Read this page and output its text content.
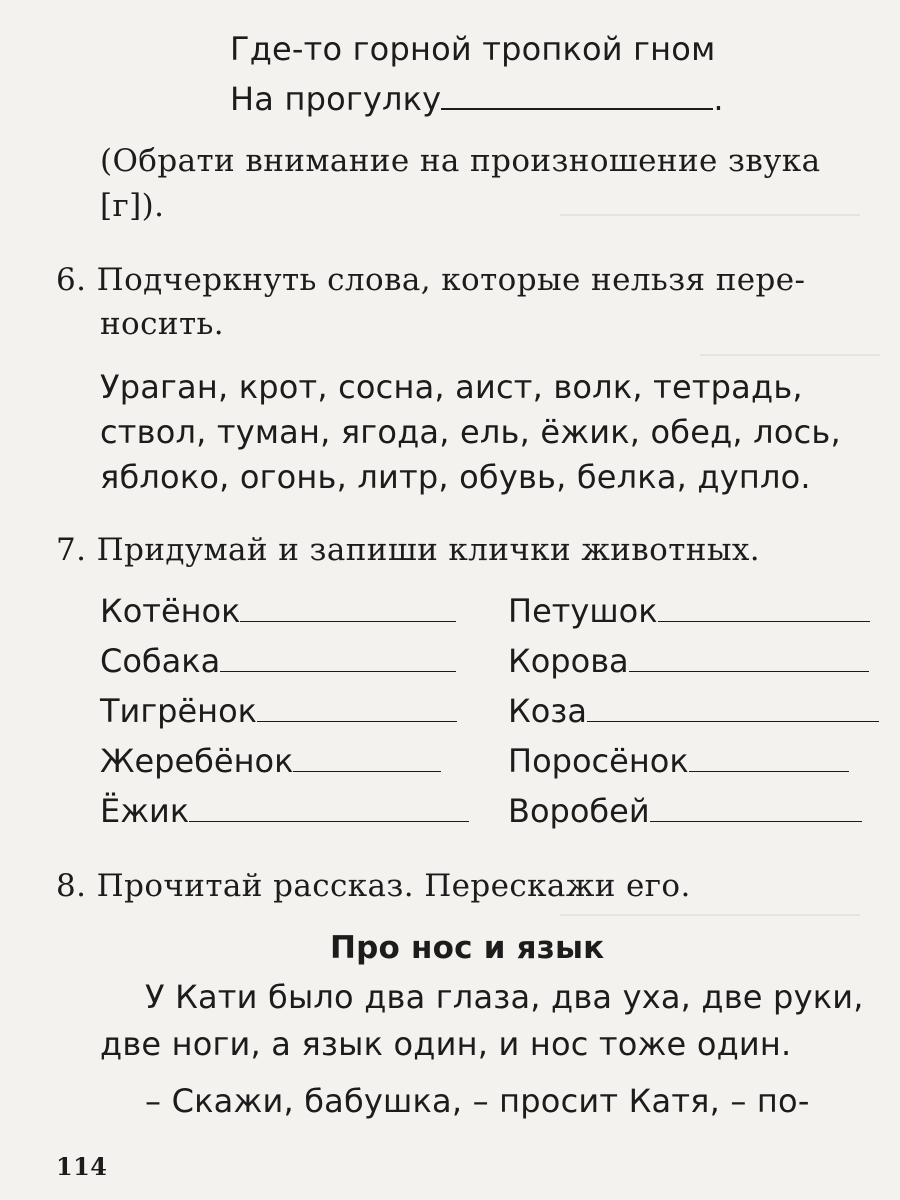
Где-то горной тропкой гном
На прогулку	.
(Обрати внимание на произношение звука
[г]).
6. Подчеркнуть слова, которые нельзя пере-
носить.
Ураган, крот, сосна, аист, волк, тетрадь,
ствол, туман, ягода, ель, ёжик, обед, лось,
яблоко, огонь, литр, обувь, белка, дупло.
7. Придумай и запиши клички животных.
Котёнок
Собака
Тигрёнок
Жеребёнок
Ёжик
Петушок
Корова
Коза
Поросёнок
Воробей
8. Прочитай рассказ. Перескажи его.
Про нос и язык
У Кати было два глаза, два уха, две руки,
две ноги, а язык один, и нос тоже один.
– Скажи, бабушка, – просит Катя, – по-
114
